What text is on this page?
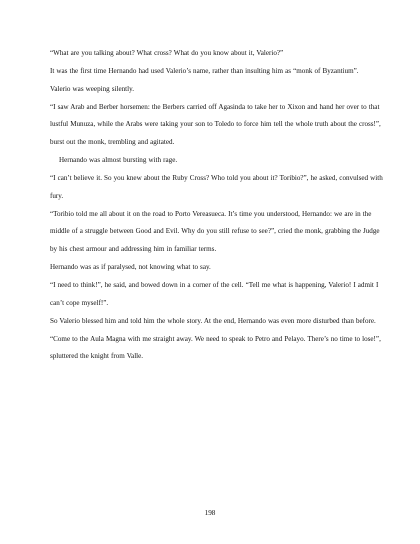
“What are you talking about? What cross? What do you know about it, Valerio?”

It was the first time Hernando had used Valerio’s name, rather than insulting him as “monk of Byzantium”.

Valerio was weeping silently.

“I saw Arab and Berber horsemen: the Berbers carried off Agasinda to take her to Xixon and hand her over to that lustful Munuza, while the Arabs were taking your son to Toledo to force him tell the whole truth about the cross!”, burst out the monk, trembling and agitated.

Hernando was almost bursting with rage.

“I can’t believe it. So you knew about the Ruby Cross? Who told you about it? Toribio?”, he asked, convulsed with fury.

“Toribio told me all about it on the road to Porto Vereasueca. It’s time you understood, Hernando: we are in the middle of a struggle between Good and Evil. Why do you still refuse to see?”, cried the monk, grabbing the Judge by his chest armour and addressing him in familiar terms.

Hernando was as if paralysed, not knowing what to say.

“I need to think!”, he said, and bowed down in a corner of the cell. “Tell me what is happening, Valerio! I admit I can’t cope myself!”.

So Valerio blessed him and told him the whole story. At the end, Hernando was even more disturbed than before.

“Come to the Aula Magna with me straight away. We need to speak to Petro and Pelayo. There’s no time to lose!”, spluttered the knight from Valle.

198
